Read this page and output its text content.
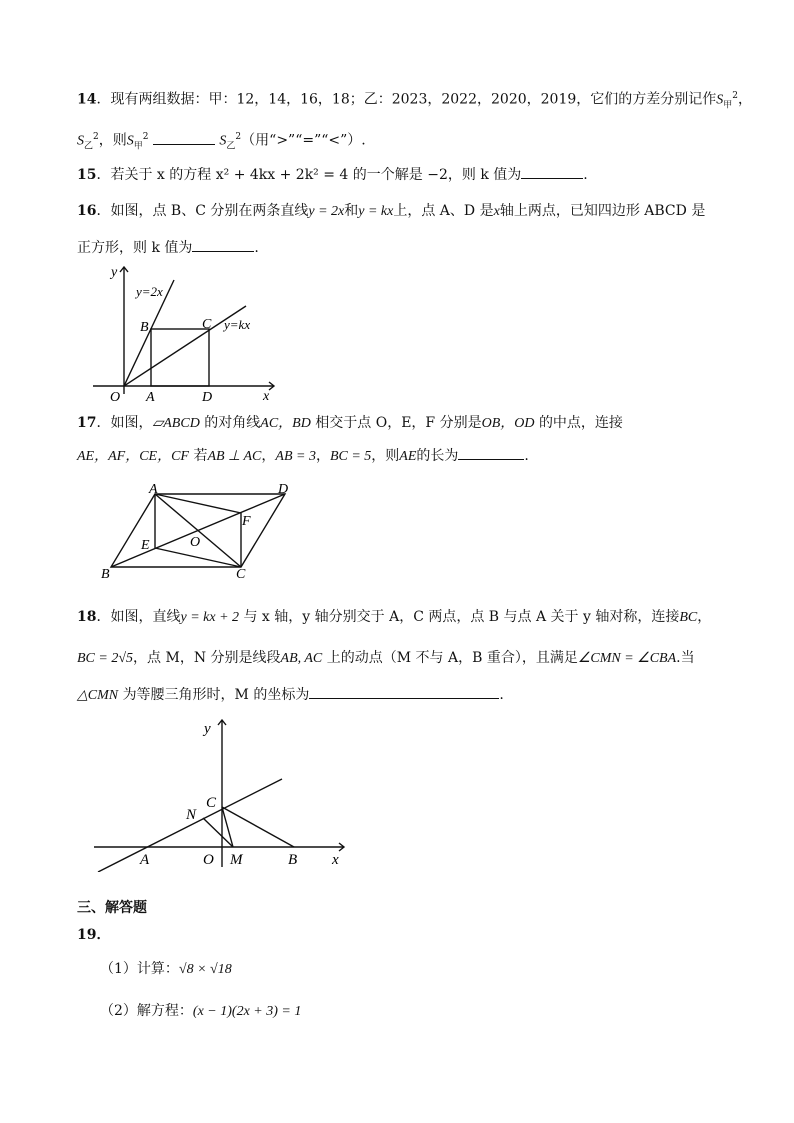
14．现有两组数据：甲：12，14，16，18；乙：2023，2022，2020，2019，它们的方差分别记作$S_甲^2$，
$S_乙^2$，则$S_甲^2$	$S_乙^2$（用“>”“=”“<”）.
15．若关于 x 的方程 x² + 4kx + 2k² = 4 的一个解是 −2，则 k 值为	.
16．如图，点 B、C 分别在两条直线y = 2x和y = kx上，点 A、D 是x轴上两点，已知四边形 ABCD 是
正方形，则 k 值为	.
y
y=2x
B	C y=kx
O A	D	x
17．如图，▱ABCD 的对角线AC，BD 相交于点 O，E，F 分别是OB，OD 的中点，连接
AE，AF，CE，CF 若AB ⊥ AC，AB = 3，BC = 5，则AE的长为	.
A	D
F
E	O
B	C
18．如图，直线y = kx + 2 与 x 轴，y 轴分别交于 A，C 两点，点 B 与点 A 关于 y 轴对称，连接BC，
BC = 2√5，点 M，N 分别是线段AB, AC 上的动点（M 不与 A，B 重合），且满足∠CMN = ∠CBA.当
△CMN 为等腰三角形时，M 的坐标为	.
y
C
N
A	O M	B x
三、解答题
19．
（1）计算：√8 × √18
（2）解方程：(x − 1)(2x + 3) = 1
